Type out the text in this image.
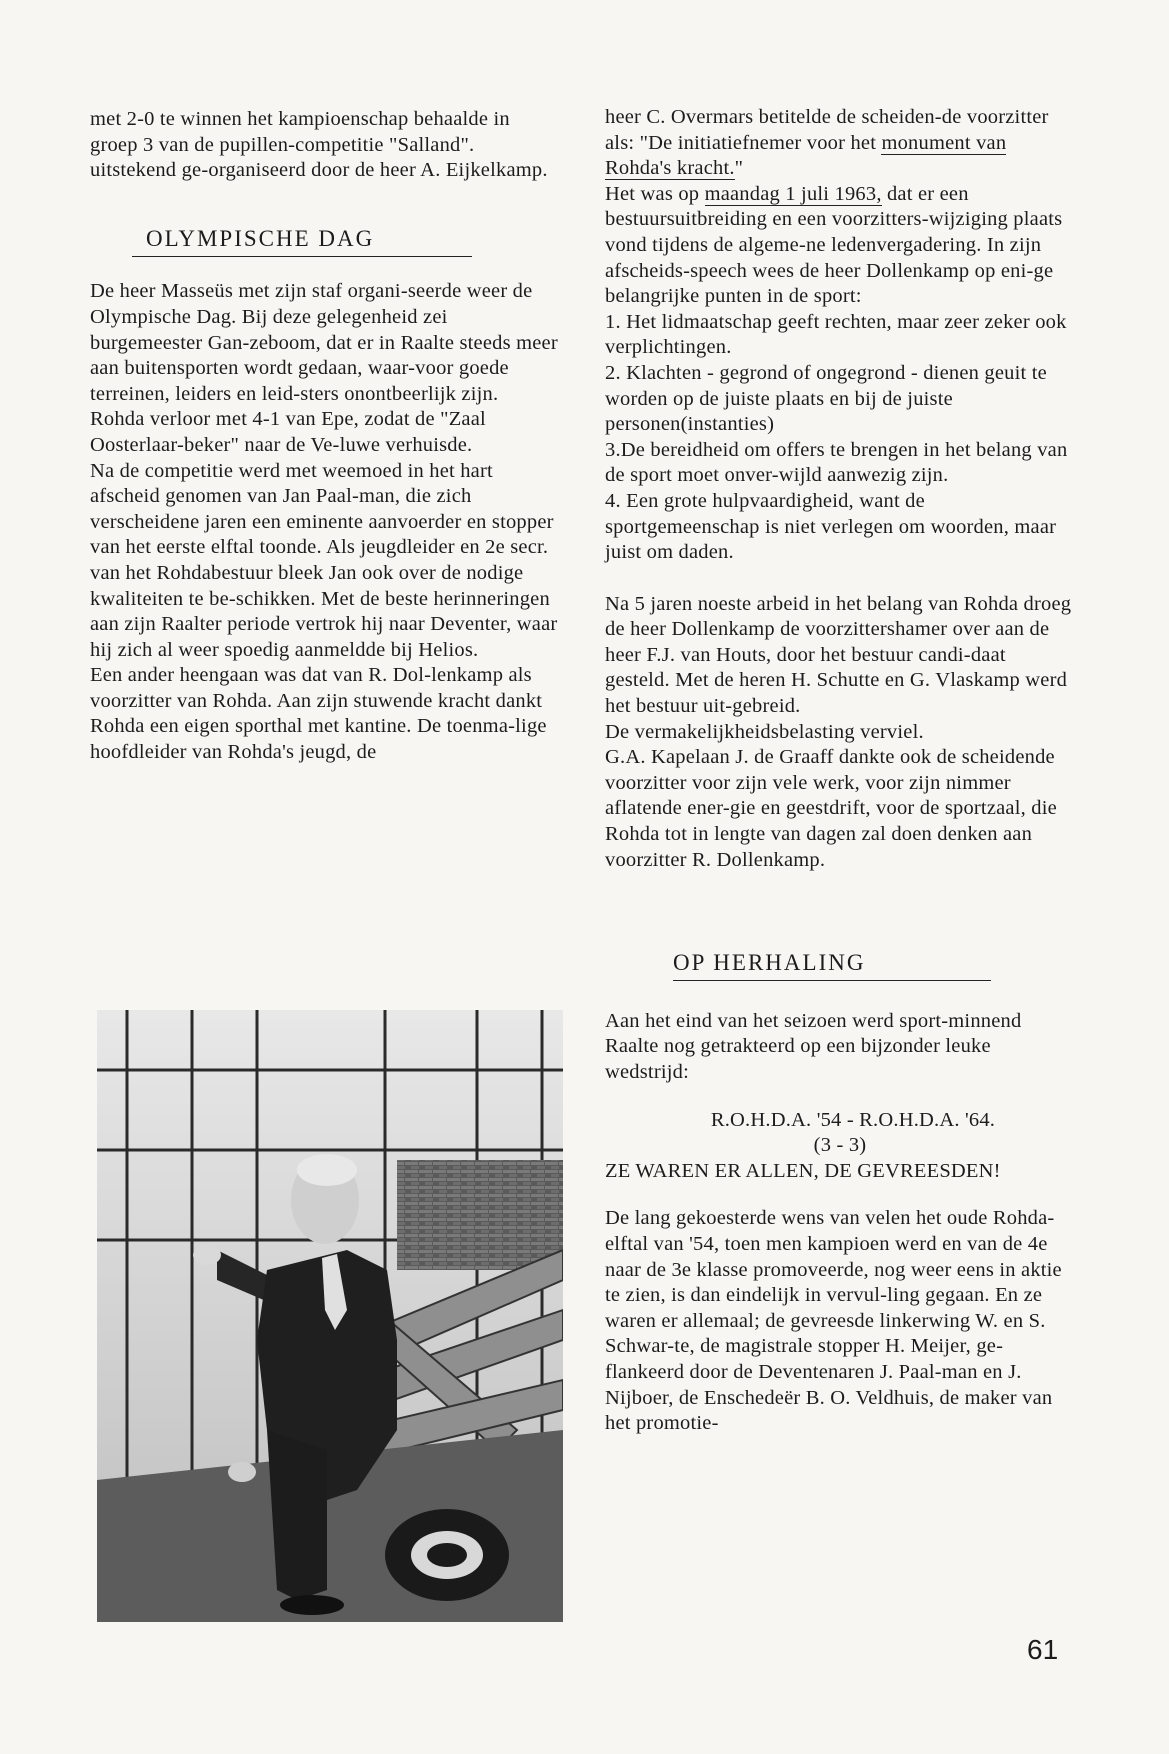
met 2-0 te winnen het kampioenschap behaalde in groep 3 van de pupillen-competitie "Salland". uitstekend ge-organiseerd door de heer A. Eijkelkamp.

OLYMPISCHE DAG

De heer Masseüs met zijn staf organi-seerde weer de Olympische Dag. Bij deze gelegenheid zei burgemeester Gan-zeboom, dat er in Raalte steeds meer aan buitensporten wordt gedaan, waar-voor goede terreinen, leiders en leid-sters onontbeerlijk zijn.

Rohda verloor met 4-1 van Epe, zodat de "Zaal Oosterlaar-beker" naar de Ve-luwe verhuisde.

Na de competitie werd met weemoed in het hart afscheid genomen van Jan Paal-man, die zich verscheidene jaren een eminente aanvoerder en stopper van het eerste elftal toonde. Als jeugdleider en 2e secr. van het Rohdabestuur bleek Jan ook over de nodige kwaliteiten te be-schikken. Met de beste herinneringen aan zijn Raalter periode vertrok hij naar Deventer, waar hij zich al weer spoedig aanmeldde bij Helios.

Een ander heengaan was dat van R. Dol-lenkamp als voorzitter van Rohda. Aan zijn stuwende kracht dankt Rohda een eigen sporthal met kantine. De toenma-lige hoofdleider van Rohda's jeugd, de

heer C. Overmars betitelde de scheiden-de voorzitter als: "De initiatiefnemer voor het monument van Rohda's kracht."

Het was op maandag 1 juli 1963, dat er een bestuursuitbreiding en een voorzitters-wijziging plaats vond tijdens de algeme-ne ledenvergadering. In zijn afscheids-speech wees de heer Dollenkamp op eni-ge belangrijke punten in de sport:

1. Het lidmaatschap geeft rechten, maar zeer zeker ook verplichtingen.

2. Klachten - gegrond of ongegrond - dienen geuit te worden op de juiste plaats en bij de juiste personen(instanties)

3.De bereidheid om offers te brengen in het belang van de sport moet onver-wijld aanwezig zijn.

4. Een grote hulpvaardigheid, want de sportgemeenschap is niet verlegen om woorden, maar juist om daden.

Na 5 jaren noeste arbeid in het belang van Rohda droeg de heer Dollenkamp de voorzittershamer over aan de heer F.J. van Houts, door het bestuur candi-daat gesteld. Met de heren H. Schutte en G. Vlaskamp werd het bestuur uit-gebreid.

De vermakelijkheidsbelasting verviel.

G.A. Kapelaan J. de Graaff dankte ook de scheidende voorzitter voor zijn vele werk, voor zijn nimmer aflatende ener-gie en geestdrift, voor de sportzaal, die Rohda tot in lengte van dagen zal doen denken aan voorzitter R. Dollenkamp.

OP HERHALING

Aan het eind van het seizoen werd sport-minnend Raalte nog getrakteerd op een bijzonder leuke wedstrijd:

R.O.H.D.A. '54 - R.O.H.D.A. '64.

(3 - 3)

ZE WAREN ER ALLEN, DE GEVREESDEN!

De lang gekoesterde wens van velen het oude Rohda-elftal van '54, toen men kampioen werd en van de 4e naar de 3e klasse promoveerde, nog weer eens in aktie te zien, is dan eindelijk in vervul-ling gegaan. En ze waren er allemaal; de gevreesde linkerwing W. en S. Schwar-te, de magistrale stopper H. Meijer, ge-flankeerd door de Deventenaren J. Paal-man en J. Nijboer, de Enschedeër B. O. Veldhuis, de maker van het promotie-

61
